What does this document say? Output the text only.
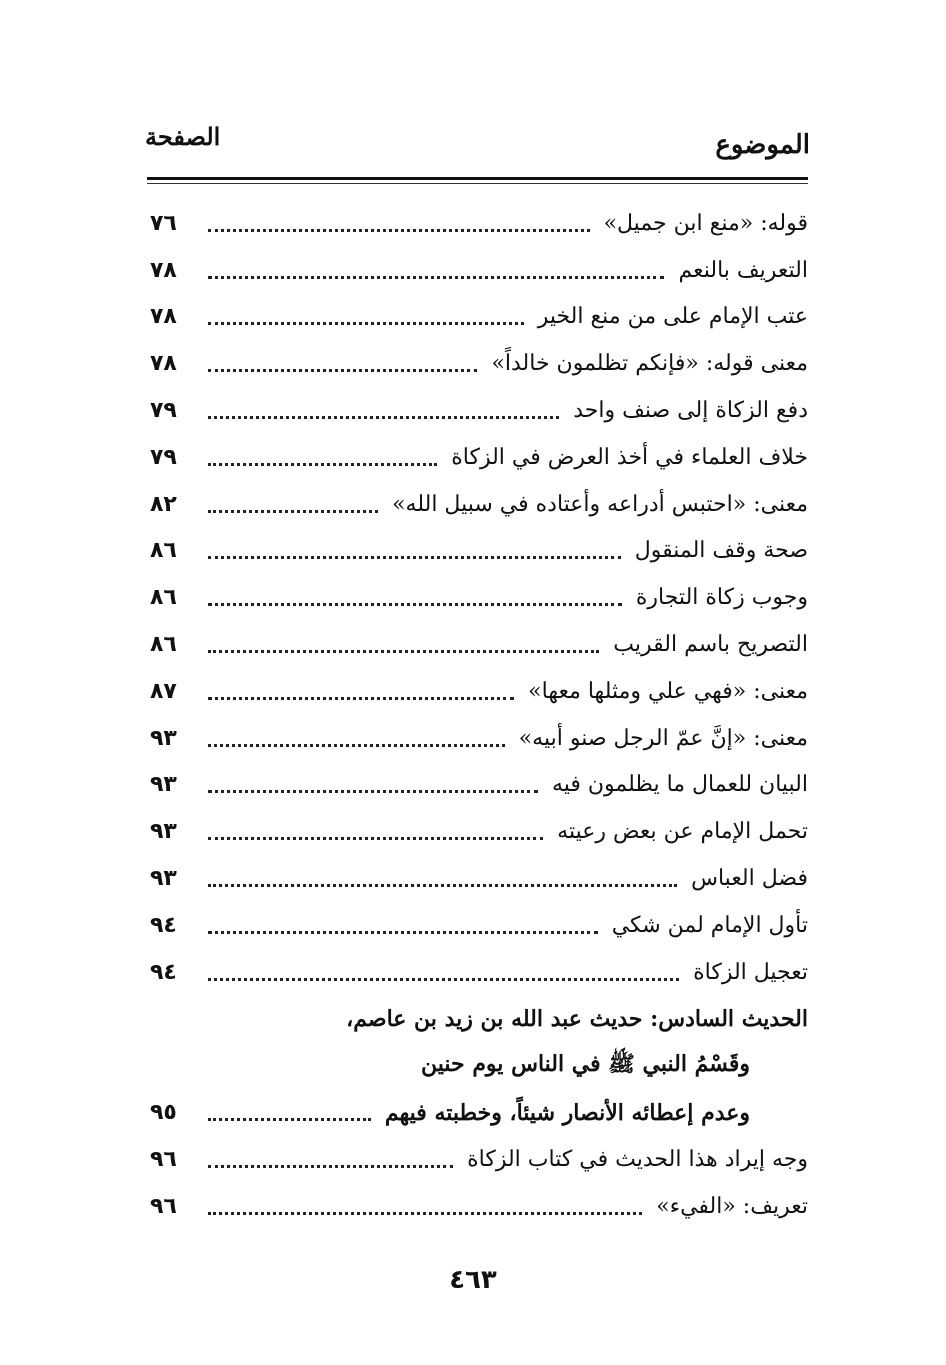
الموضوع
الصفحة
قوله: «منع ابن جميل»
٧٦
التعريف بالنعم
٧٨
عتب الإمام على من منع الخير
٧٨
معنى قوله: «فإنكم تظلمون خالداً»
٧٨
دفع الزكاة إلى صنف واحد
٧٩
خلاف العلماء في أخذ العرض في الزكاة
٧٩
معنى: «احتبس أدراعه وأعتاده في سبيل الله»
٨٢
صحة وقف المنقول
٨٦
وجوب زكاة التجارة
٨٦
التصريح باسم القريب
٨٦
معنى: «فهي علي ومثلها معها»
٨٧
معنى: «إنَّ عمّ الرجل صنو أبيه»
٩٣
البيان للعمال ما يظلمون فيه
٩٣
تحمل الإمام عن بعض رعيته
٩٣
فضل العباس
٩٣
تأول الإمام لمن شكي
٩٤
تعجيل الزكاة
٩٤
الحديث السادس: حديث عبد الله بن زيد بن عاصم،
وقَسْمُ النبي ﷺ في الناس يوم حنين
وعدم إعطائه الأنصار شيئاً، وخطبته فيهم
٩٥
وجه إيراد هذا الحديث في كتاب الزكاة
٩٦
تعريف: «الفيء»
٩٦
٤٦٣
